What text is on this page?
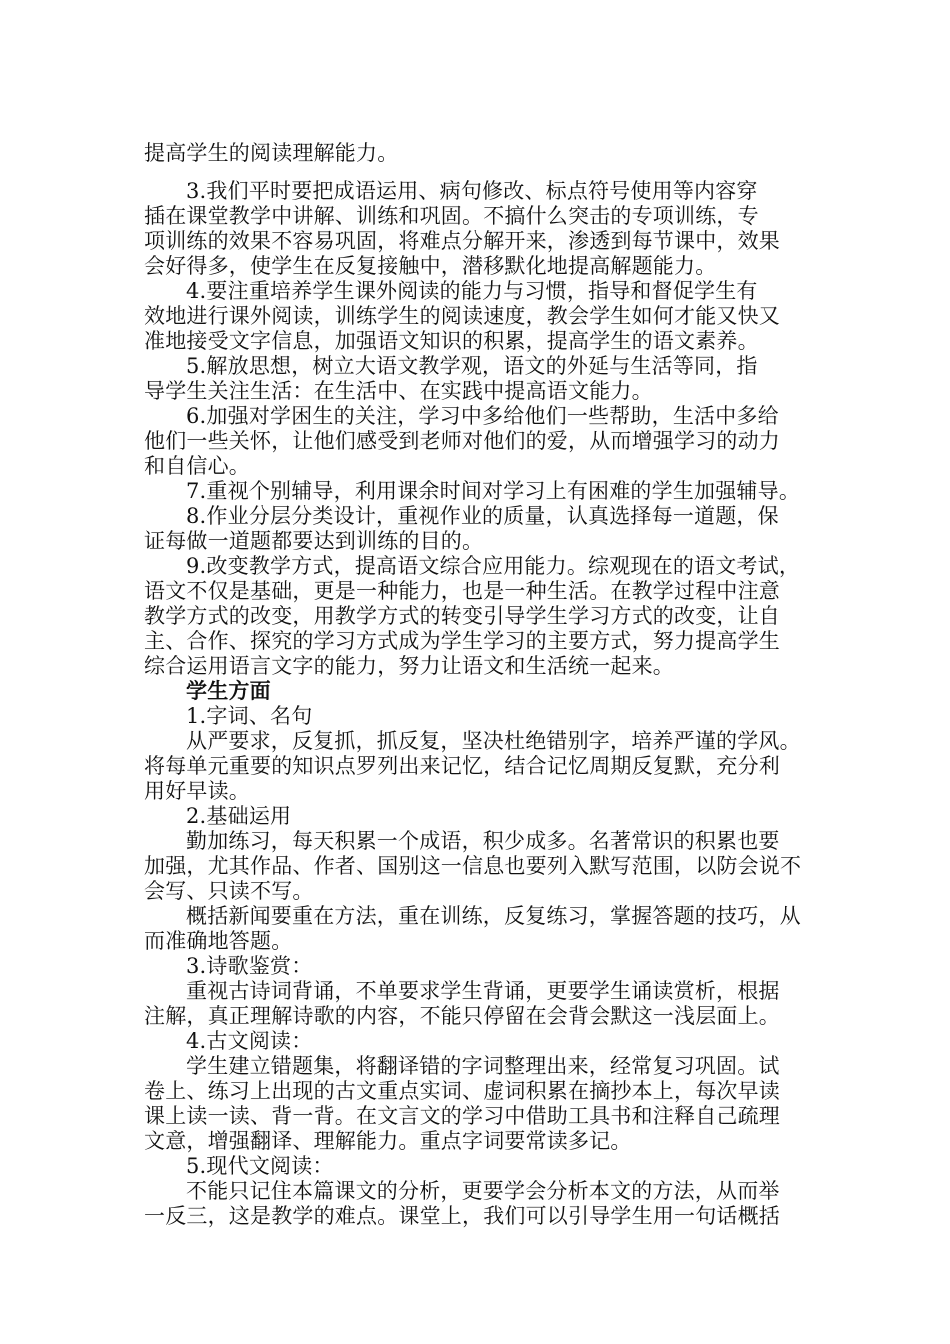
提高学生的阅读理解能力。
3.我们平时要把成语运用、病句修改、标点符号使用等内容穿
插在课堂教学中讲解、训练和巩固。不搞什么突击的专项训练，专
项训练的效果不容易巩固，将难点分解开来，渗透到每节课中，效果
会好得多，使学生在反复接触中，潜移默化地提高解题能力。
4.要注重培养学生课外阅读的能力与习惯，指导和督促学生有
效地进行课外阅读，训练学生的阅读速度，教会学生如何才能又快又
准地接受文字信息，加强语文知识的积累，提高学生的语文素养。
5.解放思想，树立大语文教学观，语文的外延与生活等同，指
导学生关注生活：在生活中、在实践中提高语文能力。
6.加强对学困生的关注，学习中多给他们一些帮助，生活中多给
他们一些关怀，让他们感受到老师对他们的爱，从而增强学习的动力
和自信心。
7.重视个别辅导，利用课余时间对学习上有困难的学生加强辅导。
8.作业分层分类设计，重视作业的质量，认真选择每一道题，保
证每做一道题都要达到训练的目的。
9.改变教学方式，提高语文综合应用能力。综观现在的语文考试，
语文不仅是基础，更是一种能力，也是一种生活。在教学过程中注意
教学方式的改变，用教学方式的转变引导学生学习方式的改变，让自
主、合作、探究的学习方式成为学生学习的主要方式，努力提高学生
综合运用语言文字的能力，努力让语文和生活统一起来。
学生方面
1.字词、名句
从严要求，反复抓，抓反复，坚决杜绝错别字，培养严谨的学风。
将每单元重要的知识点罗列出来记忆，结合记忆周期反复默，充分利
用好早读。
2.基础运用
勤加练习，每天积累一个成语，积少成多。名著常识的积累也要
加强，尤其作品、作者、国别这一信息也要列入默写范围，以防会说不
会写、只读不写。
概括新闻要重在方法，重在训练，反复练习，掌握答题的技巧，从
而准确地答题。
3.诗歌鉴赏：
重视古诗词背诵，不单要求学生背诵，更要学生诵读赏析，根据
注解，真正理解诗歌的内容，不能只停留在会背会默这一浅层面上。
4.古文阅读：
学生建立错题集，将翻译错的字词整理出来，经常复习巩固。试
卷上、练习上出现的古文重点实词、虚词积累在摘抄本上，每次早读
课上读一读、背一背。在文言文的学习中借助工具书和注释自己疏理
文意，增强翻译、理解能力。重点字词要常读多记。
5.现代文阅读：
不能只记住本篇课文的分析，更要学会分析本文的方法，从而举
一反三，这是教学的难点。课堂上，我们可以引导学生用一句话概括
